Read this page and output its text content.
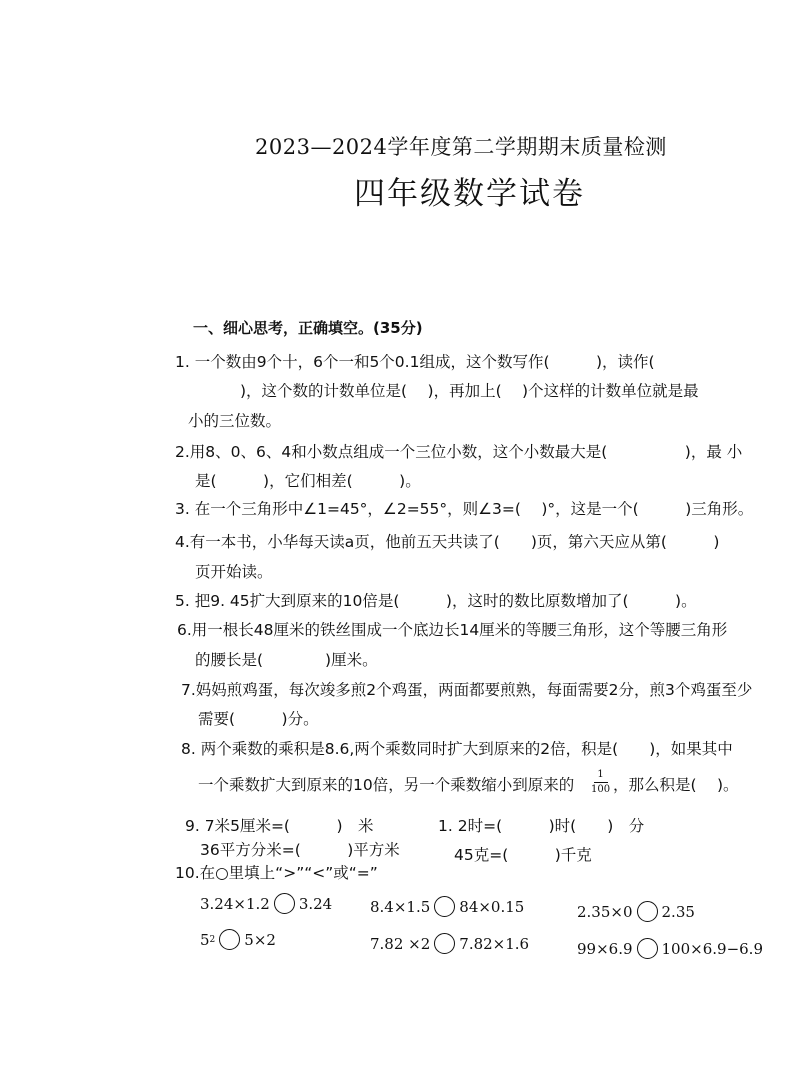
2023—2024学年度第二学期期末质量检测
四年级数学试卷
一、细心思考，正确填空。(35分)
1. 一个数由9个十，6个一和5个0.1组成，这个数写作(　　　)，读作(
　　　　)，这个数的计数单位是(　 )，再加上(　 )个这样的计数单位就是最
小的三位数。
2.用8、0、6、4和小数点组成一个三位小数，这个小数最大是(　　　　　)，最 小
是(　　　)，它们相差(　　　)。
3. 在一个三角形中∠1=45°，∠2=55°，则∠3=(　 )°，这是一个(　　　)三角形。
4.有一本书，小华每天读a页，他前五天共读了(　　)页，第六天应从第(　　　)
页开始读。
5. 把9. 45扩大到原来的10倍是(　　　)，这时的数比原数增加了(　　　)。
6.用一根长48厘米的铁丝围成一个底边长14厘米的等腰三角形，这个等腰三角形
的腰长是(　　　　)厘米。
7.妈妈煎鸡蛋，每次竣多煎2个鸡蛋，两面都要煎熟，每面需要2分，煎3个鸡蛋至少
需要(　　　)分。
8. 两个乘数的乘积是8.6,两个乘数同时扩大到原来的2倍，积是(　　)，如果其中
一个乘数扩大到原来的10倍，另一个乘数缩小到原来的
1
100 ，那么积是(　 )。
9. 7米5厘米=(　　　)　米	1. 2时=(　　　)时(　　)　分
36平方分米=(　　　)平方米	45克=(　　　)千克
10.在○里填上“>”“<”或“=”
3.24×1.2 3.24	8.4×1.5 84×0.15	2.35×0 2.35
5 2 5×2	7.82 ×2 7.82×1.6	99×6.9 100×6.9−6.9
